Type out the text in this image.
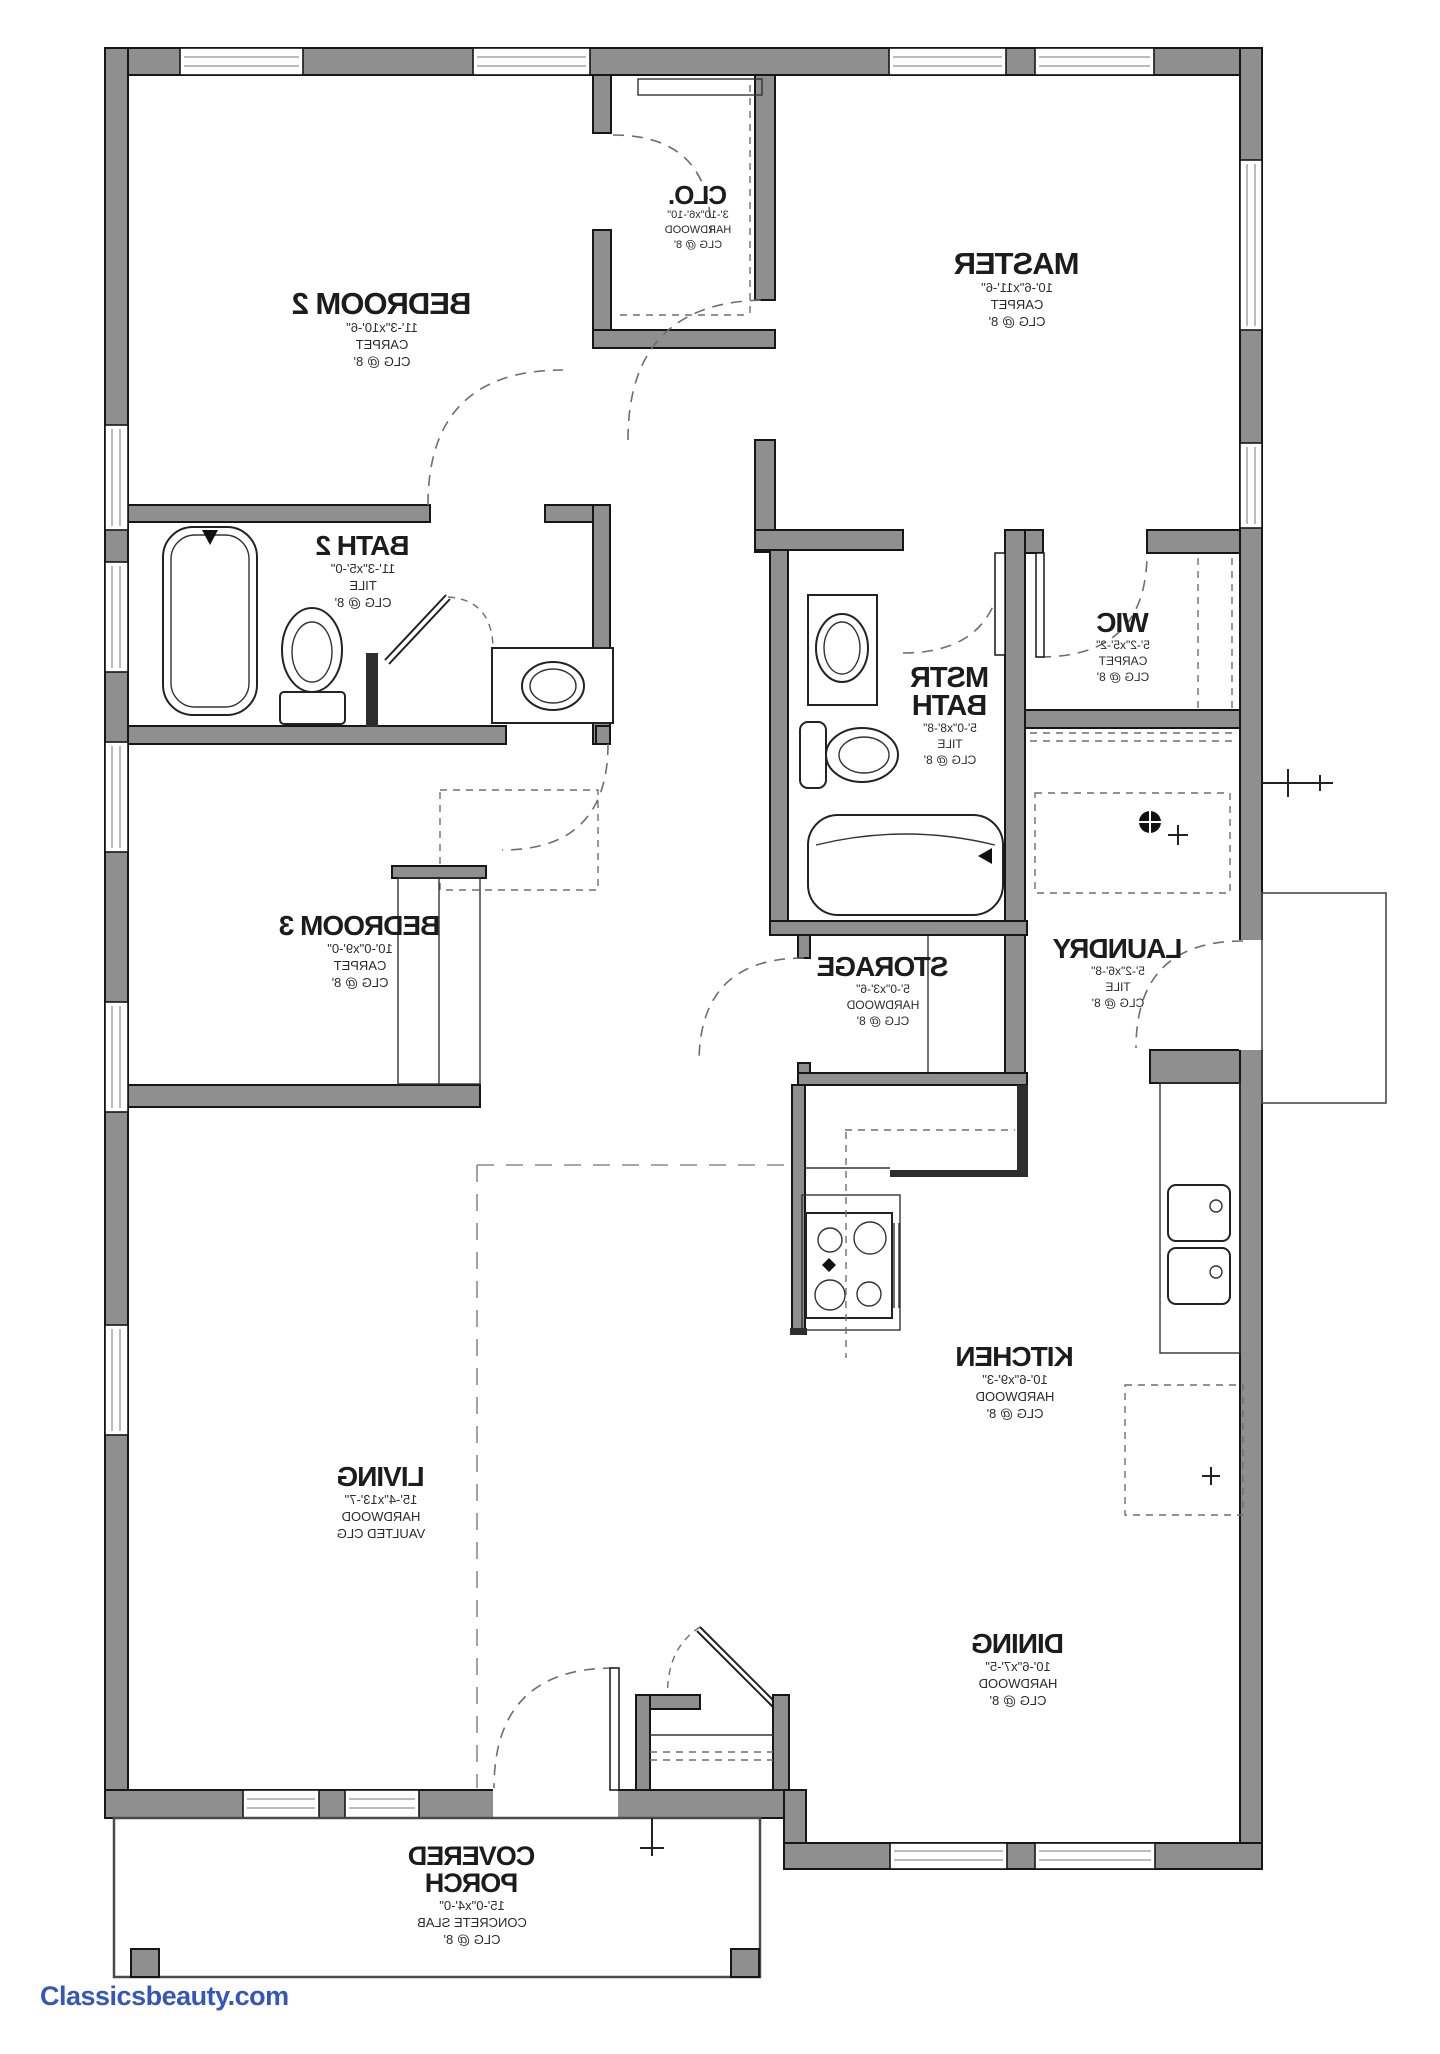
BEDROOM 2
11'-3"x10'-6"
CARPET
CLG @ 8'
CLO.
3'-10"x6'-10"
HARDWOOD
CLG @ 8'
MASTER
10'-6"x11'-6"
CARPET
CLG @ 8'
BATH 2
11'-3"x5'-0"
TILE
CLG @ 8'
MSTR BATH
5'-0"x8'-8"
TILE
CLG @ 8'
WIC
5'-2"x5'-2"
CARPET
CLG @ 8'
BEDROOM 3
10'-0"x9'-0"
CARPET
CLG @ 8'
STORAGE
5'-0"x3'-6"
HARDWOOD
CLG @ 8'
LAUNDRY
5'-2"x6'-8"
TILE
CLG @ 8'
KITCHEN
10'-6"x9'-3"
HARDWOOD
CLG @ 8'
LIVING
15'-4"x13'-7"
HARDWOOD
VAULTED CLG
DINING
10'-6"x7'-5"
HARDWOOD
CLG @ 8'
COVERED PORCH
15'-0"x4'-0"
CONCRETE SLAB
CLG @ 8'
Classicsbeauty.com
